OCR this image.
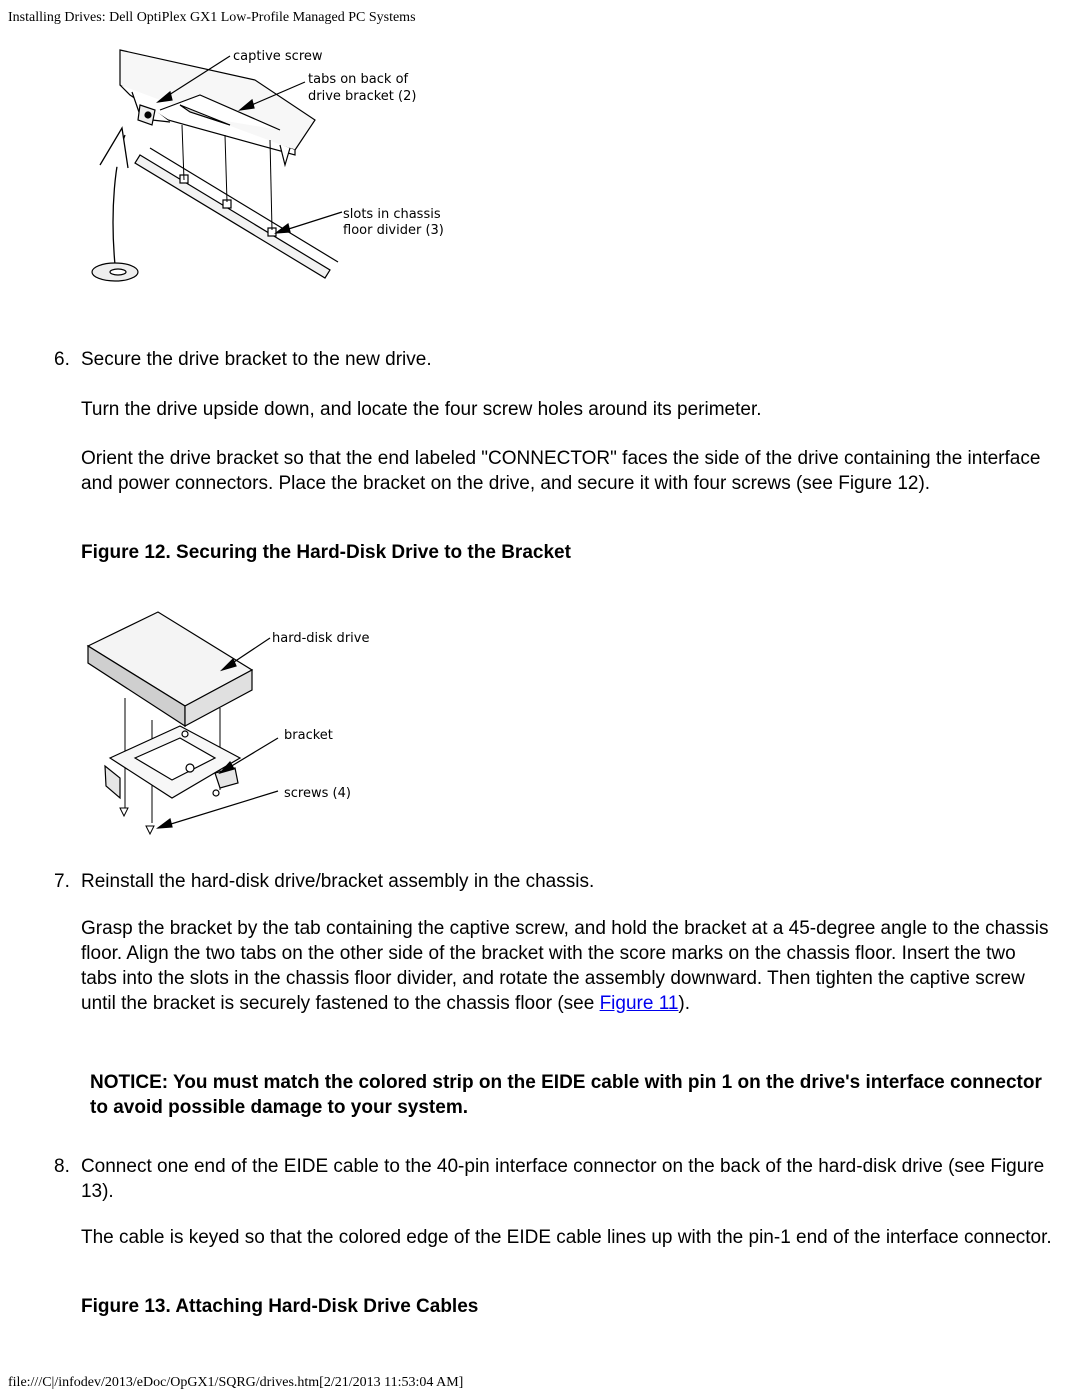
Installing Drives: Dell OptiPlex GX1 Low-Profile Managed PC Systems
captive screw
tabs on back of
drive bracket (2)
slots in chassis
floor divider (3)
6. Secure the drive bracket to the new drive.
Turn the drive upside down, and locate the four screw holes around its perimeter.
Orient the drive bracket so that the end labeled "CONNECTOR" faces the side of the drive containing the interface and power connectors. Place the bracket on the drive, and secure it with four screws (see Figure 12).
Figure 12. Securing the Hard-Disk Drive to the Bracket
hard-disk drive
bracket
screws (4)
7. Reinstall the hard-disk drive/bracket assembly in the chassis.
Grasp the bracket by the tab containing the captive screw, and hold the bracket at a 45-degree angle to the chassis floor. Align the two tabs on the other side of the bracket with the score marks on the chassis floor. Insert the two tabs into the slots in the chassis floor divider, and rotate the assembly downward. Then tighten the captive screw until the bracket is securely fastened to the chassis floor (see Figure 11).
NOTICE: You must match the colored strip on the EIDE cable with pin 1 on the drive's interface connector to avoid possible damage to your system.
8. Connect one end of the EIDE cable to the 40-pin interface connector on the back of the hard-disk drive (see Figure 13).
The cable is keyed so that the colored edge of the EIDE cable lines up with the pin-1 end of the interface connector.
Figure 13. Attaching Hard-Disk Drive Cables
file:///C|/infodev/2013/eDoc/OpGX1/SQRG/drives.htm[2/21/2013 11:53:04 AM]
